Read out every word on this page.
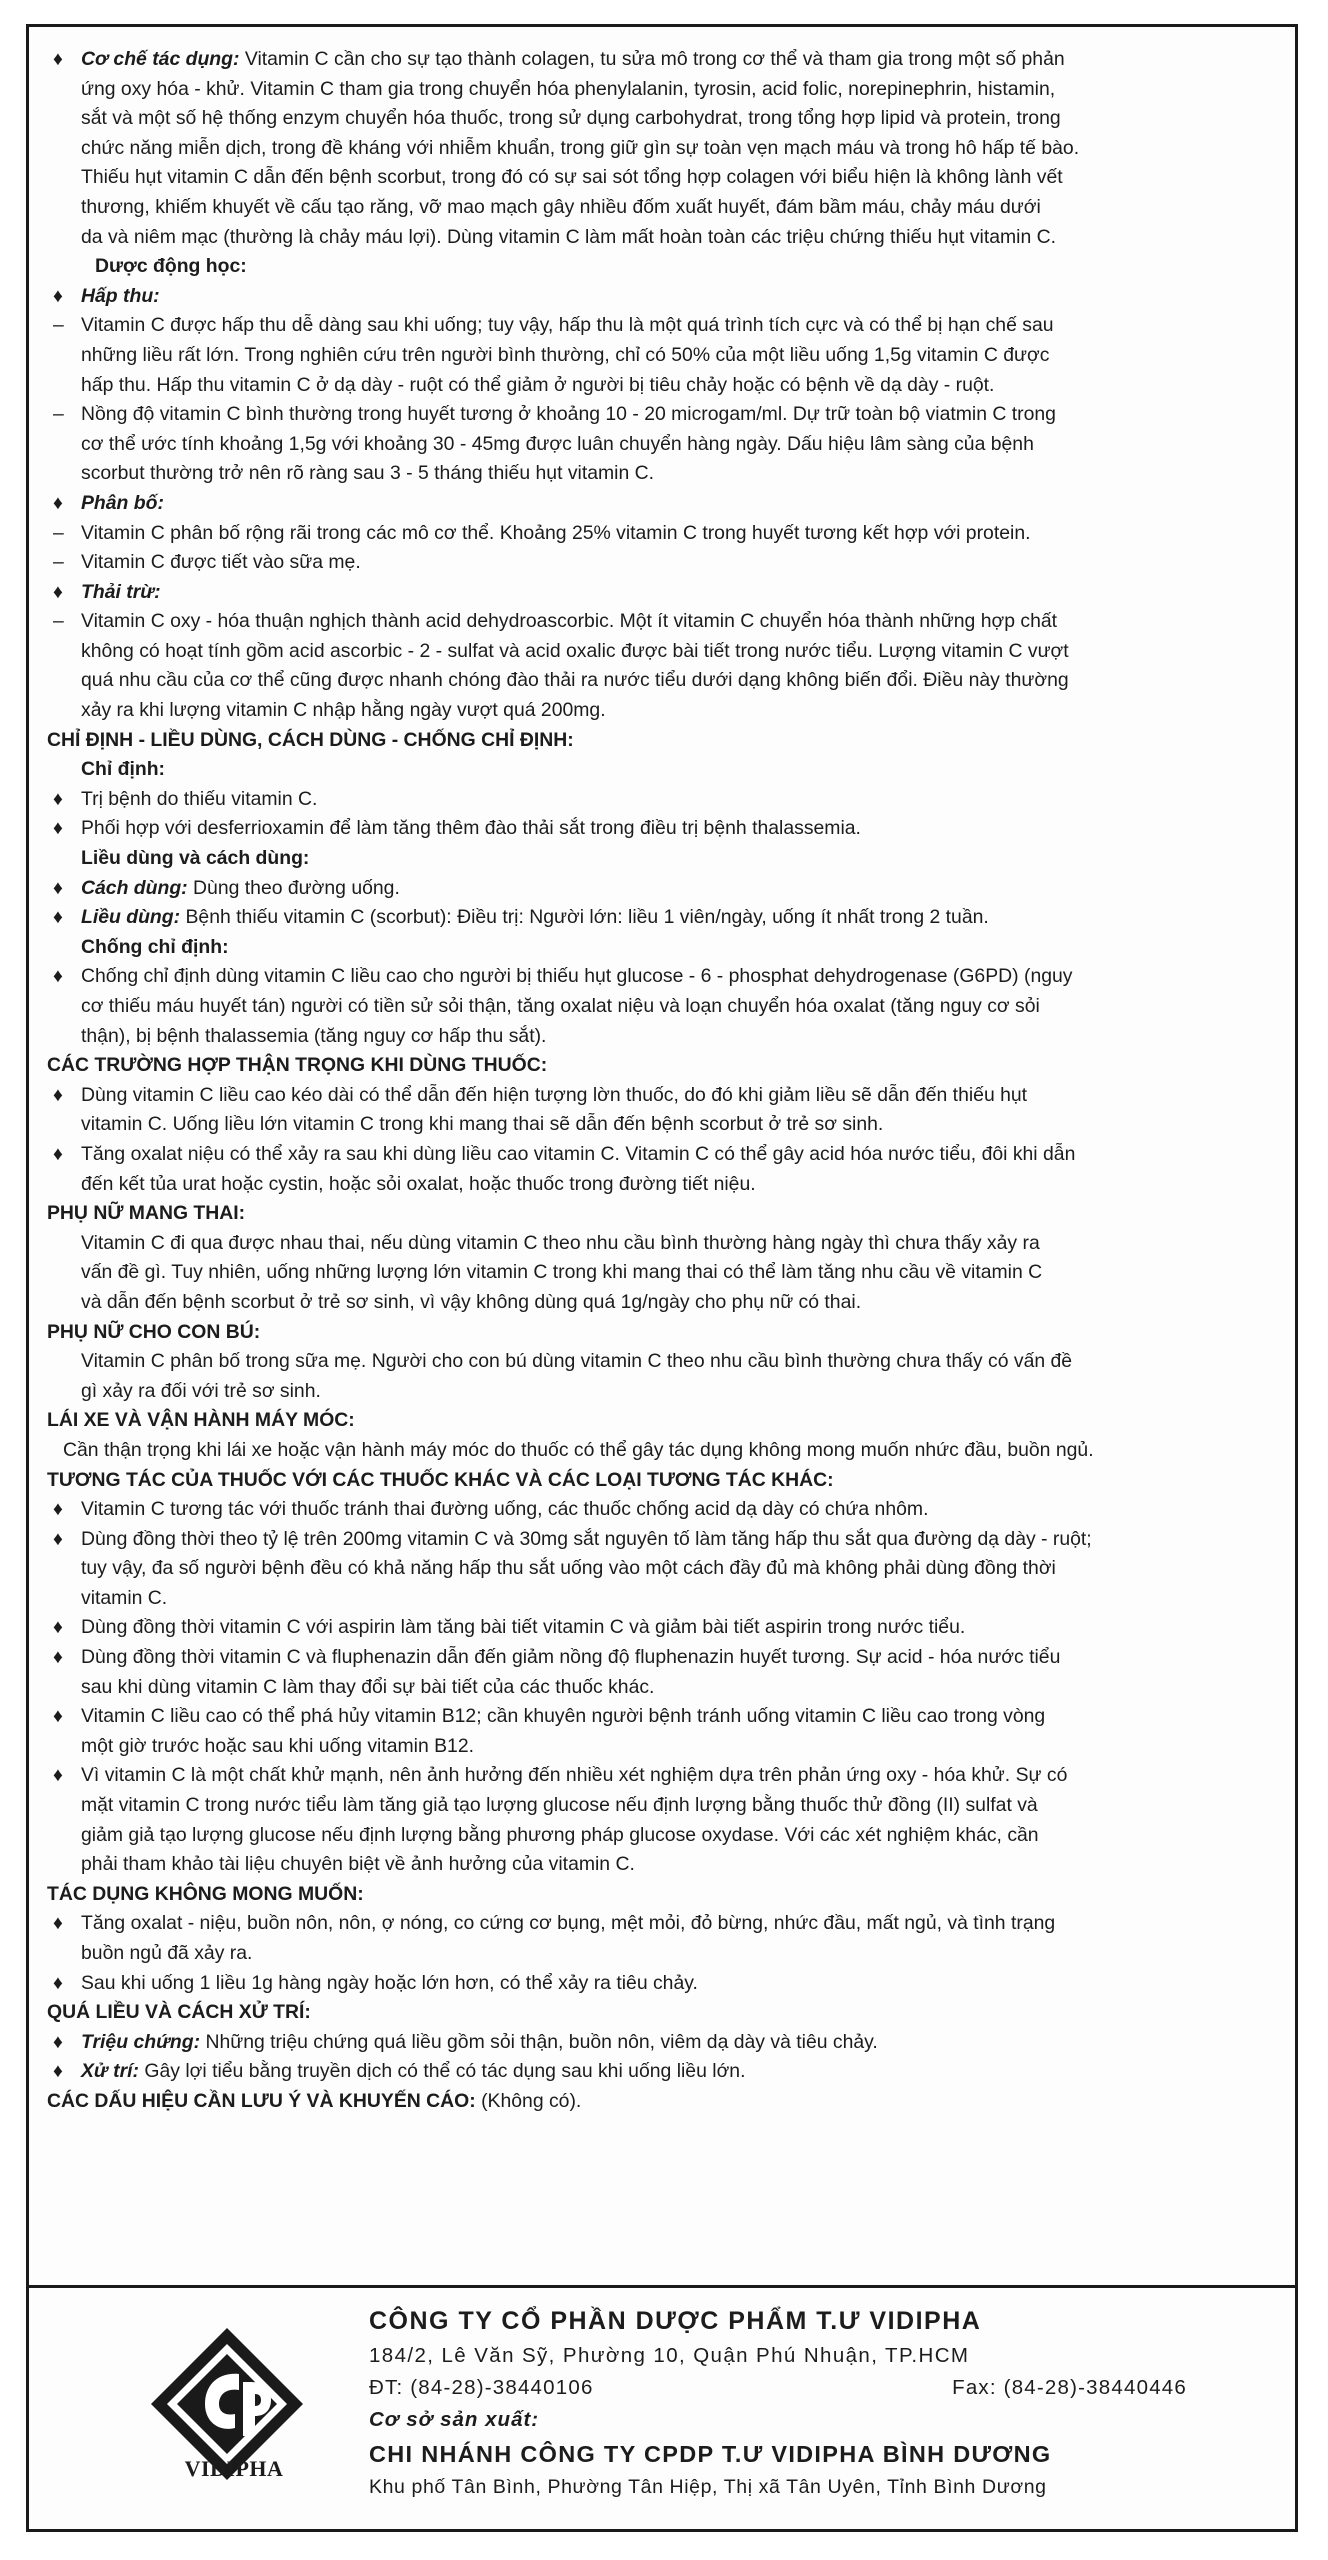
♦ Cơ chế tác dụng: Vitamin C cần cho sự tạo thành colagen, tu sửa mô trong cơ thể và tham gia trong một số phản
ứng oxy hóa - khử. Vitamin C tham gia trong chuyển hóa phenylalanin, tyrosin, acid folic, norepinephrin, histamin,
sắt và một số hệ thống enzym chuyển hóa thuốc, trong sử dụng carbohydrat, trong tổng hợp lipid và protein, trong
chức năng miễn dịch, trong đề kháng với nhiễm khuẩn, trong giữ gìn sự toàn vẹn mạch máu và trong hô hấp tế bào.
Thiếu hụt vitamin C dẫn đến bệnh scorbut, trong đó có sự sai sót tổng hợp colagen với biểu hiện là không lành vết
thương, khiếm khuyết về cấu tạo răng, vỡ mao mạch gây nhiều đốm xuất huyết, đám bầm máu, chảy máu dưới
da và niêm mạc (thường là chảy máu lợi). Dùng vitamin C làm mất hoàn toàn các triệu chứng thiếu hụt vitamin C.
Dược động học:
♦ Hấp thu:
– Vitamin C được hấp thu dễ dàng sau khi uống; tuy vậy, hấp thu là một quá trình tích cực và có thể bị hạn chế sau
những liều rất lớn. Trong nghiên cứu trên người bình thường, chỉ có 50% của một liều uống 1,5g vitamin C được
hấp thu. Hấp thu vitamin C ở dạ dày - ruột có thể giảm ở người bị tiêu chảy hoặc có bệnh về dạ dày - ruột.
– Nồng độ vitamin C bình thường trong huyết tương ở khoảng 10 - 20 microgam/ml. Dự trữ toàn bộ viatmin C trong
cơ thể ước tính khoảng 1,5g với khoảng 30 - 45mg được luân chuyển hàng ngày. Dấu hiệu lâm sàng của bệnh
scorbut thường trở nên rõ ràng sau 3 - 5 tháng thiếu hụt vitamin C.
♦ Phân bố:
– Vitamin C phân bố rộng rãi trong các mô cơ thể. Khoảng 25% vitamin C trong huyết tương kết hợp với protein.
– Vitamin C được tiết vào sữa mẹ.
♦ Thải trừ:
– Vitamin C oxy - hóa thuận nghịch thành acid dehydroascorbic. Một ít vitamin C chuyển hóa thành những hợp chất
không có hoạt tính gồm acid ascorbic - 2 - sulfat và acid oxalic được bài tiết trong nước tiểu. Lượng vitamin C vượt
quá nhu cầu của cơ thể cũng được nhanh chóng đào thải ra nước tiểu dưới dạng không biến đổi. Điều này thường
xảy ra khi lượng vitamin C nhập hằng ngày vượt quá 200mg.
CHỈ ĐỊNH - LIỀU DÙNG, CÁCH DÙNG - CHỐNG CHỈ ĐỊNH:
Chỉ định:
♦ Trị bệnh do thiếu vitamin C.
♦ Phối hợp với desferrioxamin để làm tăng thêm đào thải sắt trong điều trị bệnh thalassemia.
Liều dùng và cách dùng:
♦ Cách dùng: Dùng theo đường uống.
♦ Liều dùng: Bệnh thiếu vitamin C (scorbut): Điều trị: Người lớn: liều 1 viên/ngày, uống ít nhất trong 2 tuần.
Chống chỉ định:
♦ Chống chỉ định dùng vitamin C liều cao cho người bị thiếu hụt glucose - 6 - phosphat dehydrogenase (G6PD) (nguy
cơ thiếu máu huyết tán) người có tiền sử sỏi thận, tăng oxalat niệu và loạn chuyển hóa oxalat (tăng nguy cơ sỏi
thận), bị bệnh thalassemia (tăng nguy cơ hấp thu sắt).
CÁC TRƯỜNG HỢP THẬN TRỌNG KHI DÙNG THUỐC:
♦ Dùng vitamin C liều cao kéo dài có thể dẫn đến hiện tượng lờn thuốc, do đó khi giảm liều sẽ dẫn đến thiếu hụt
vitamin C. Uống liều lớn vitamin C trong khi mang thai sẽ dẫn đến bệnh scorbut ở trẻ sơ sinh.
♦ Tăng oxalat niệu có thể xảy ra sau khi dùng liều cao vitamin C. Vitamin C có thể gây acid hóa nước tiểu, đôi khi dẫn
đến kết tủa urat hoặc cystin, hoặc sỏi oxalat, hoặc thuốc trong đường tiết niệu.
PHỤ NỮ MANG THAI:
Vitamin C đi qua được nhau thai, nếu dùng vitamin C theo nhu cầu bình thường hàng ngày thì chưa thấy xảy ra
vấn đề gì. Tuy nhiên, uống những lượng lớn vitamin C trong khi mang thai có thể làm tăng nhu cầu về vitamin C
và dẫn đến bệnh scorbut ở trẻ sơ sinh, vì vậy không dùng quá 1g/ngày cho phụ nữ có thai.
PHỤ NỮ CHO CON BÚ:
Vitamin C phân bố trong sữa mẹ. Người cho con bú dùng vitamin C theo nhu cầu bình thường chưa thấy có vấn đề
gì xảy ra đối với trẻ sơ sinh.
LÁI XE VÀ VẬN HÀNH MÁY MÓC:
Cần thận trọng khi lái xe hoặc vận hành máy móc do thuốc có thể gây tác dụng không mong muốn nhức đầu, buồn ngủ.
TƯƠNG TÁC CỦA THUỐC VỚI CÁC THUỐC KHÁC VÀ CÁC LOẠI TƯƠNG TÁC KHÁC:
♦ Vitamin C tương tác với thuốc tránh thai đường uống, các thuốc chống acid dạ dày có chứa nhôm.
♦ Dùng đồng thời theo tỷ lệ trên 200mg vitamin C và 30mg sắt nguyên tố làm tăng hấp thu sắt qua đường dạ dày - ruột;
tuy vậy, đa số người bệnh đều có khả năng hấp thu sắt uống vào một cách đầy đủ mà không phải dùng đồng thời
vitamin C.
♦ Dùng đồng thời vitamin C với aspirin làm tăng bài tiết vitamin C và giảm bài tiết aspirin trong nước tiểu.
♦ Dùng đồng thời vitamin C và fluphenazin dẫn đến giảm nồng độ fluphenazin huyết tương. Sự acid - hóa nước tiểu
sau khi dùng vitamin C làm thay đổi sự bài tiết của các thuốc khác.
♦ Vitamin C liều cao có thể phá hủy vitamin B12; cần khuyên người bệnh tránh uống vitamin C liều cao trong vòng
một giờ trước hoặc sau khi uống vitamin B12.
♦ Vì vitamin C là một chất khử mạnh, nên ảnh hưởng đến nhiều xét nghiệm dựa trên phản ứng oxy - hóa khử. Sự có
mặt vitamin C trong nước tiểu làm tăng giả tạo lượng glucose nếu định lượng bằng thuốc thử đồng (II) sulfat và
giảm giả tạo lượng glucose nếu định lượng bằng phương pháp glucose oxydase. Với các xét nghiệm khác, cần
phải tham khảo tài liệu chuyên biệt về ảnh hưởng của vitamin C.
TÁC DỤNG KHÔNG MONG MUỐN:
♦ Tăng oxalat - niệu, buồn nôn, nôn, ợ nóng, co cứng cơ bụng, mệt mỏi, đỏ bừng, nhức đầu, mất ngủ, và tình trạng
buồn ngủ đã xảy ra.
♦ Sau khi uống 1 liều 1g hàng ngày hoặc lớn hơn, có thể xảy ra tiêu chảy.
QUÁ LIỀU VÀ CÁCH XỬ TRÍ:
♦ Triệu chứng: Những triệu chứng quá liều gồm sỏi thận, buồn nôn, viêm dạ dày và tiêu chảy.
♦ Xử trí: Gây lợi tiểu bằng truyền dịch có thể có tác dụng sau khi uống liều lớn.
CÁC DẤU HIỆU CẦN LƯU Ý VÀ KHUYẾN CÁO: (Không có).
VIDIPHA
CÔNG TY CỔ PHẦN DƯỢC PHẨM T.Ư VIDIPHA
184/2, Lê Văn Sỹ, Phường 10, Quận Phú Nhuận, TP.HCM
ĐT: (84-28)-38440106	Fax: (84-28)-38440446
Cơ sở sản xuất:
CHI NHÁNH CÔNG TY CPDP T.Ư VIDIPHA BÌNH DƯƠNG
Khu phố Tân Bình, Phường Tân Hiệp, Thị xã Tân Uyên, Tỉnh Bình Dương
